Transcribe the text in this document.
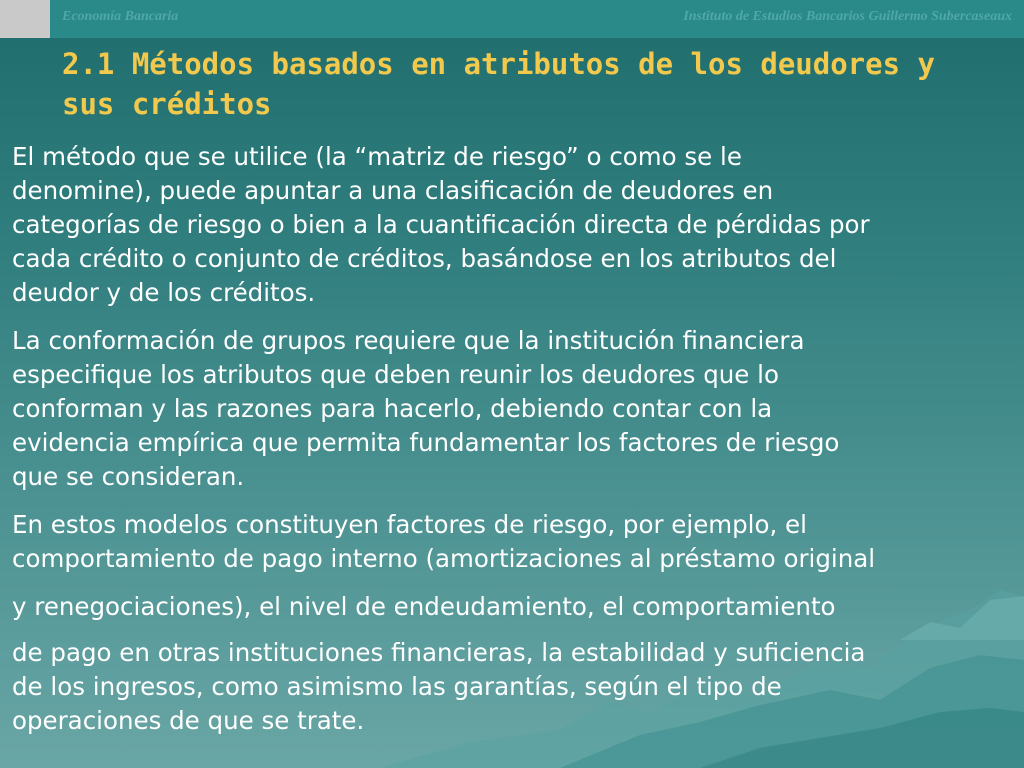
Economía Bancaria	Instituto de Estudios Bancarios Guillermo Subercaseaux
2.1 Métodos basados en atributos de los deudores y
sus créditos

El método que se utilice (la “matriz de riesgo” o como se le
denomine), puede apuntar a una clasificación de deudores en
categorías de riesgo o bien a la cuantificación directa de pérdidas por
cada crédito o conjunto de créditos, basándose en los atributos del
deudor y de los créditos.

La conformación de grupos requiere que la institución financiera
especifique los atributos que deben reunir los deudores que lo
conforman y las razones para hacerlo, debiendo contar con la
evidencia empírica que permita fundamentar los factores de riesgo
que se consideran.

En estos modelos constituyen factores de riesgo, por ejemplo, el
comportamiento de pago interno (amortizaciones al préstamo original

y renegociaciones), el nivel de endeudamiento, el comportamiento

de pago en otras instituciones financieras, la estabilidad y suficiencia
de los ingresos, como asimismo las garantías, según el tipo de
operaciones de que se trate.
